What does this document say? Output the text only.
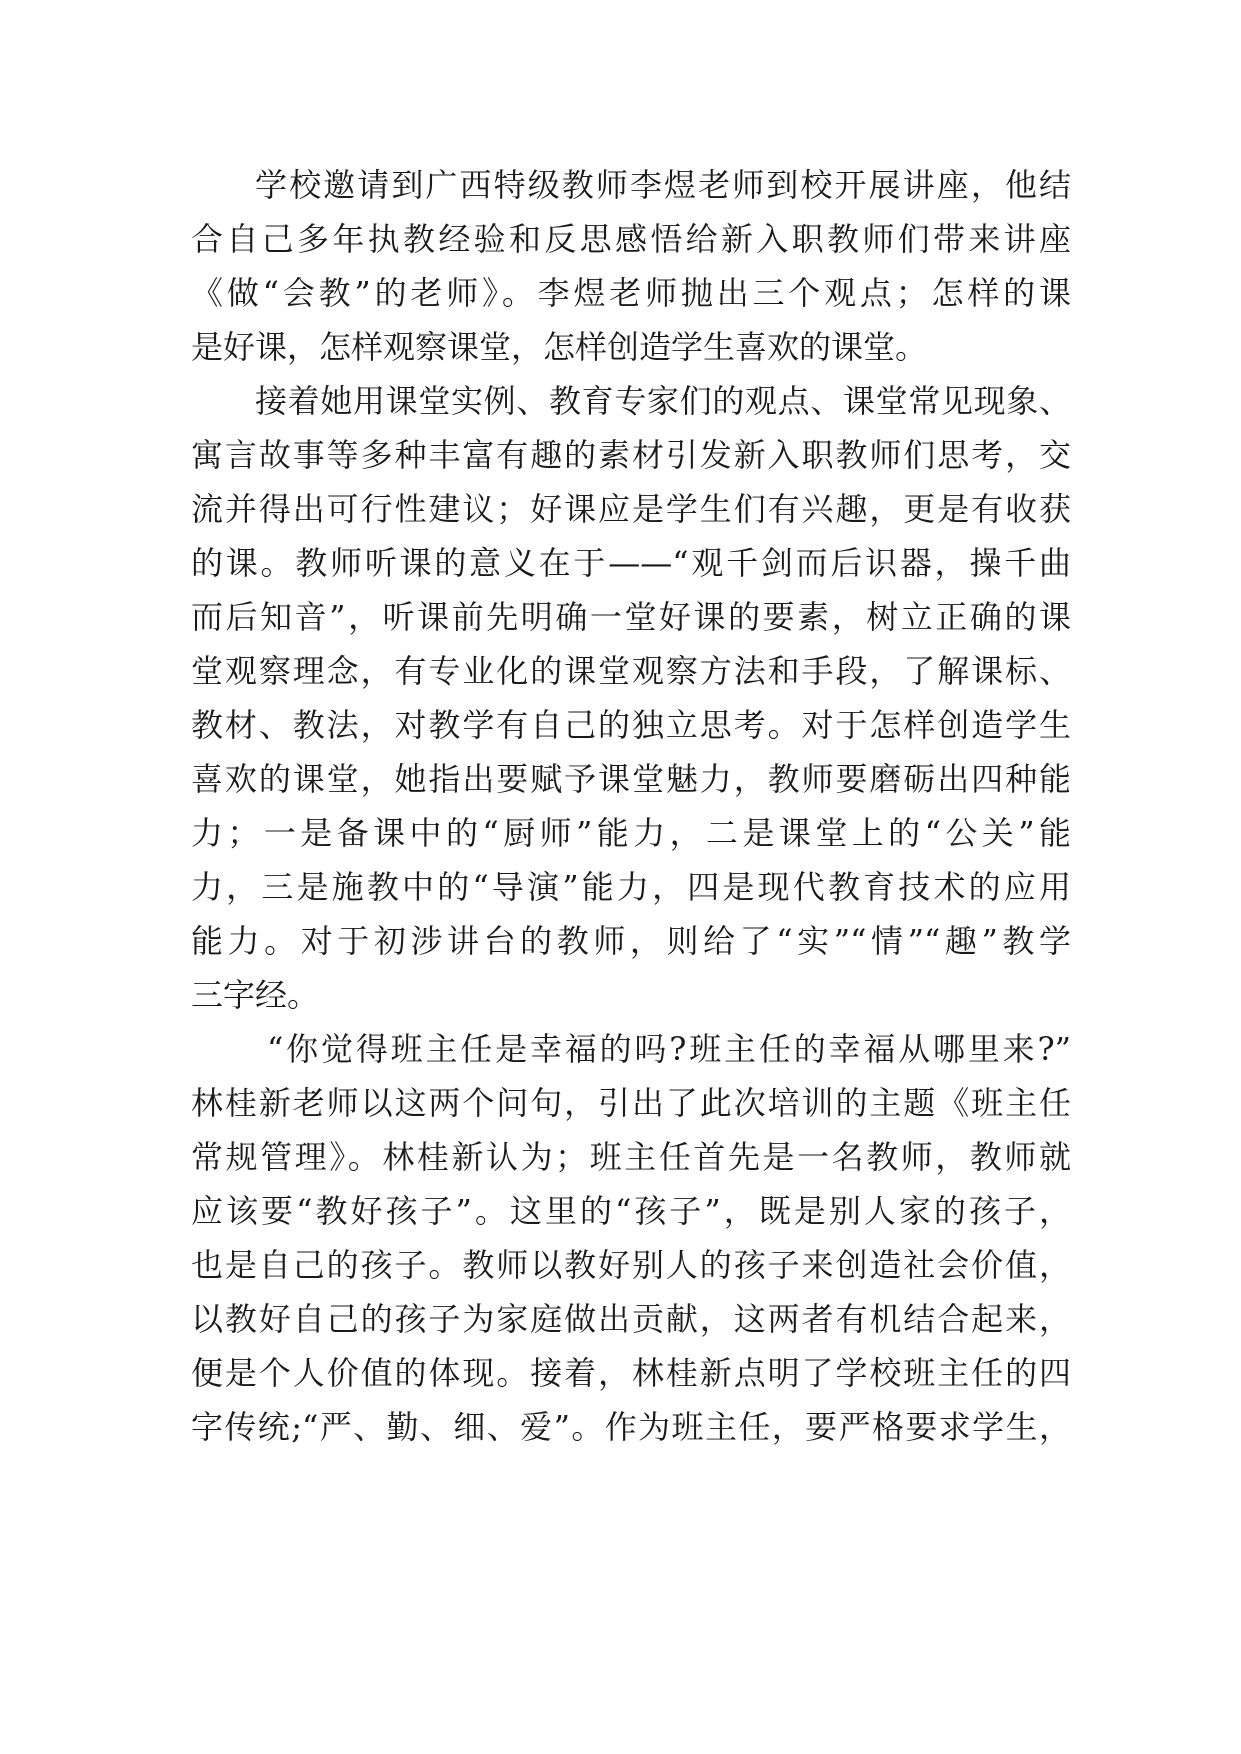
学校邀请到广西特级教师李煜老师到校开展讲座，他结
合自己多年执教经验和反思感悟给新入职教师们带来讲座
《做“会教”的老师》。李煜老师抛出三个观点；怎样的课
是好课，怎样观察课堂，怎样创造学生喜欢的课堂。
接着她用课堂实例、教育专家们的观点、课堂常见现象、
寓言故事等多种丰富有趣的素材引发新入职教师们思考，交
流并得出可行性建议；好课应是学生们有兴趣，更是有收获
的课。教师听课的意义在于——“观千剑而后识器，操千曲
而后知音”，听课前先明确一堂好课的要素，树立正确的课
堂观察理念，有专业化的课堂观察方法和手段，了解课标、
教材、教法，对教学有自己的独立思考。对于怎样创造学生
喜欢的课堂，她指出要赋予课堂魅力，教师要磨砺出四种能
力；一是备课中的“厨师”能力，二是课堂上的“公关”能
力，三是施教中的“导演”能力，四是现代教育技术的应用
能力。对于初涉讲台的教师，则给了“实”“情”“趣”教学
三字经。
“你觉得班主任是幸福的吗?班主任的幸福从哪里来?”
林桂新老师以这两个问句，引出了此次培训的主题《班主任
常规管理》。林桂新认为；班主任首先是一名教师，教师就
应该要“教好孩子”。这里的“孩子”，既是别人家的孩子，
也是自己的孩子。教师以教好别人的孩子来创造社会价值，
以教好自己的孩子为家庭做出贡献，这两者有机结合起来，
便是个人价值的体现。接着，林桂新点明了学校班主任的四
字传统;“严、勤、细、爱”。作为班主任，要严格要求学生，
